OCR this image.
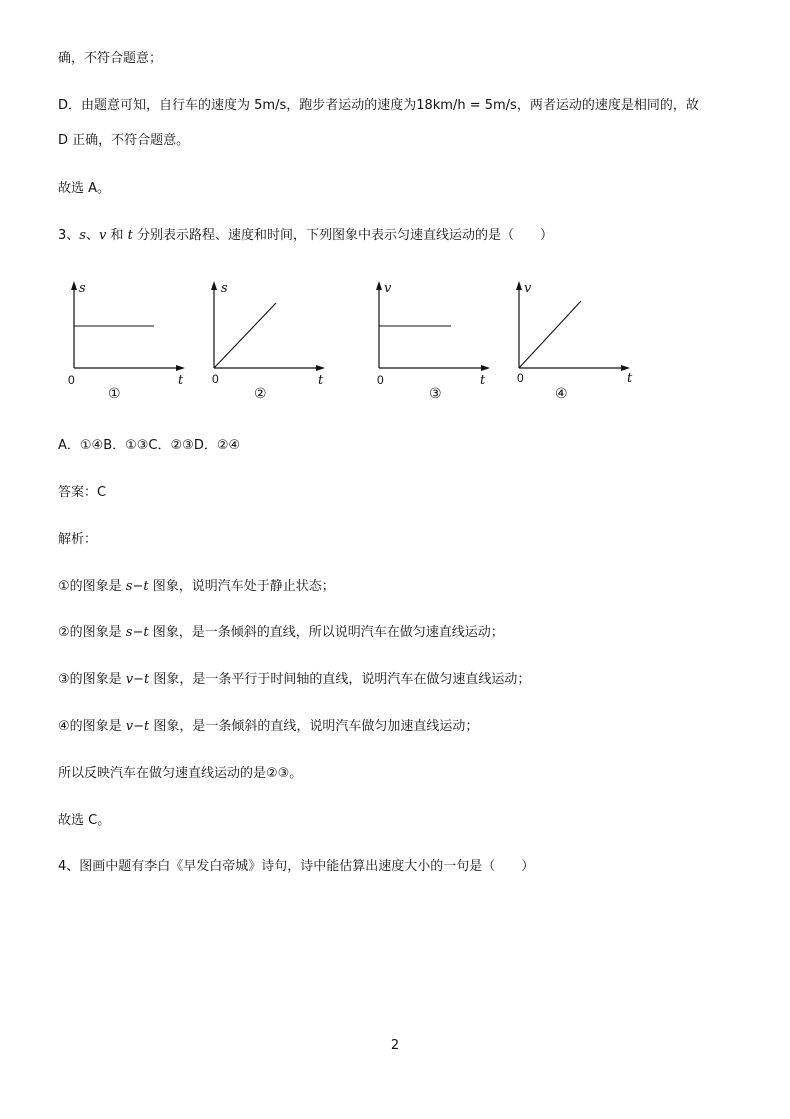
确，不符合题意；
D．由题意可知，自行车的速度为 5m/s，跑步者运动的速度为18km/h = 5m/s，两者运动的速度是相同的，故
D 正确，不符合题意。
故选 A。
3、s、v 和 t 分别表示路程、速度和时间，下列图象中表示匀速直线运动的是（　　）
s
t
0
①
s
t
0
②
v
t
0
③
v
t
0
④
A．①④B．①③C．②③D．②④
答案：C
解析：
①的图象是 s−t 图象，说明汽车处于静止状态；
②的图象是 s−t 图象，是一条倾斜的直线，所以说明汽车在做匀速直线运动；
③的图象是 v−t 图象，是一条平行于时间轴的直线，说明汽车在做匀速直线运动；
④的图象是 v−t 图象，是一条倾斜的直线，说明汽车做匀加速直线运动；
所以反映汽车在做匀速直线运动的是②③。
故选 C。
4、图画中题有李白《早发白帝城》诗句，诗中能估算出速度大小的一句是（　　）
2
